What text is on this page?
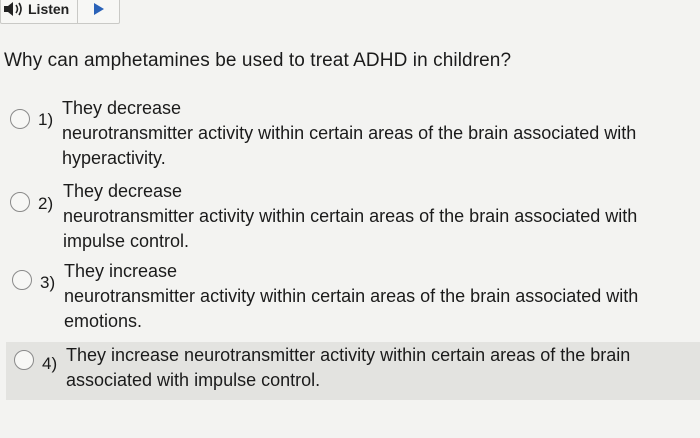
Listen
Why can amphetamines be used to treat ADHD in children?
1)
They decrease
neurotransmitter activity within certain areas of the brain associated with
hyperactivity.
2)
They decrease
neurotransmitter activity within certain areas of the brain associated with
impulse control.
3)
They increase
neurotransmitter activity within certain areas of the brain associated with
emotions.
4) They increase neurotransmitter activity within certain areas of the brain
associated with impulse control.
